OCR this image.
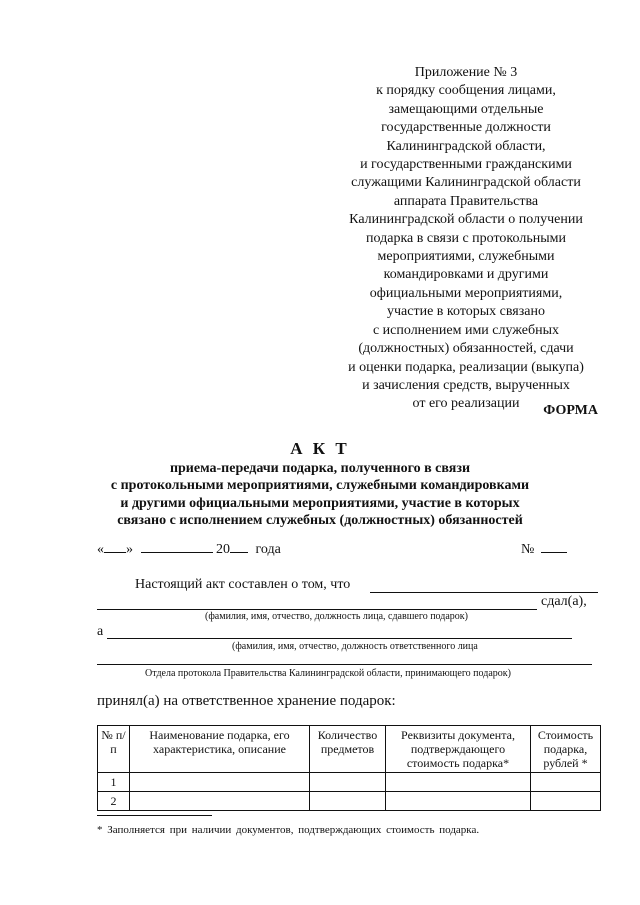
Приложение № 3
к порядку сообщения лицами,
замещающими отдельные
государственные должности
Калининградской области,
и государственными гражданскими
служащими Калининградской области
аппарата Правительства
Калининградской области о получении
подарка в связи с протокольными
мероприятиями, служебными
командировками и другими
официальными мероприятиями,
участие в которых связано
с исполнением ими служебных
(должностных) обязанностей, сдачи
и оценки подарка, реализации (выкупа)
и зачисления средств, вырученных
от его реализации	ФОРМА
А К Т
приема-передачи подарка, полученного в связи
с протокольными мероприятиями, служебными командировками
и другими официальными мероприятиями, участие в которых
связано с исполнением служебных (должностных) обязанностей
« »	20 года	№
Настоящий акт составлен о том, что
сдал(а),
(фамилия, имя, отчество, должность лица, сдавшего подарок)
а
(фамилия, имя, отчество, должность ответственного лица
Отдела протокола Правительства Калининградской области, принимающего подарок)
принял(а) на ответственное хранение подарок:
№ п/п	Наименование подарка, его характеристика, описание	Количество предметов	Реквизиты документа, подтверждающего стоимость подарка*	Стоимость подарка, рублей *
1				
2				
* Заполняется при наличии документов, подтверждающих стоимость подарка.
